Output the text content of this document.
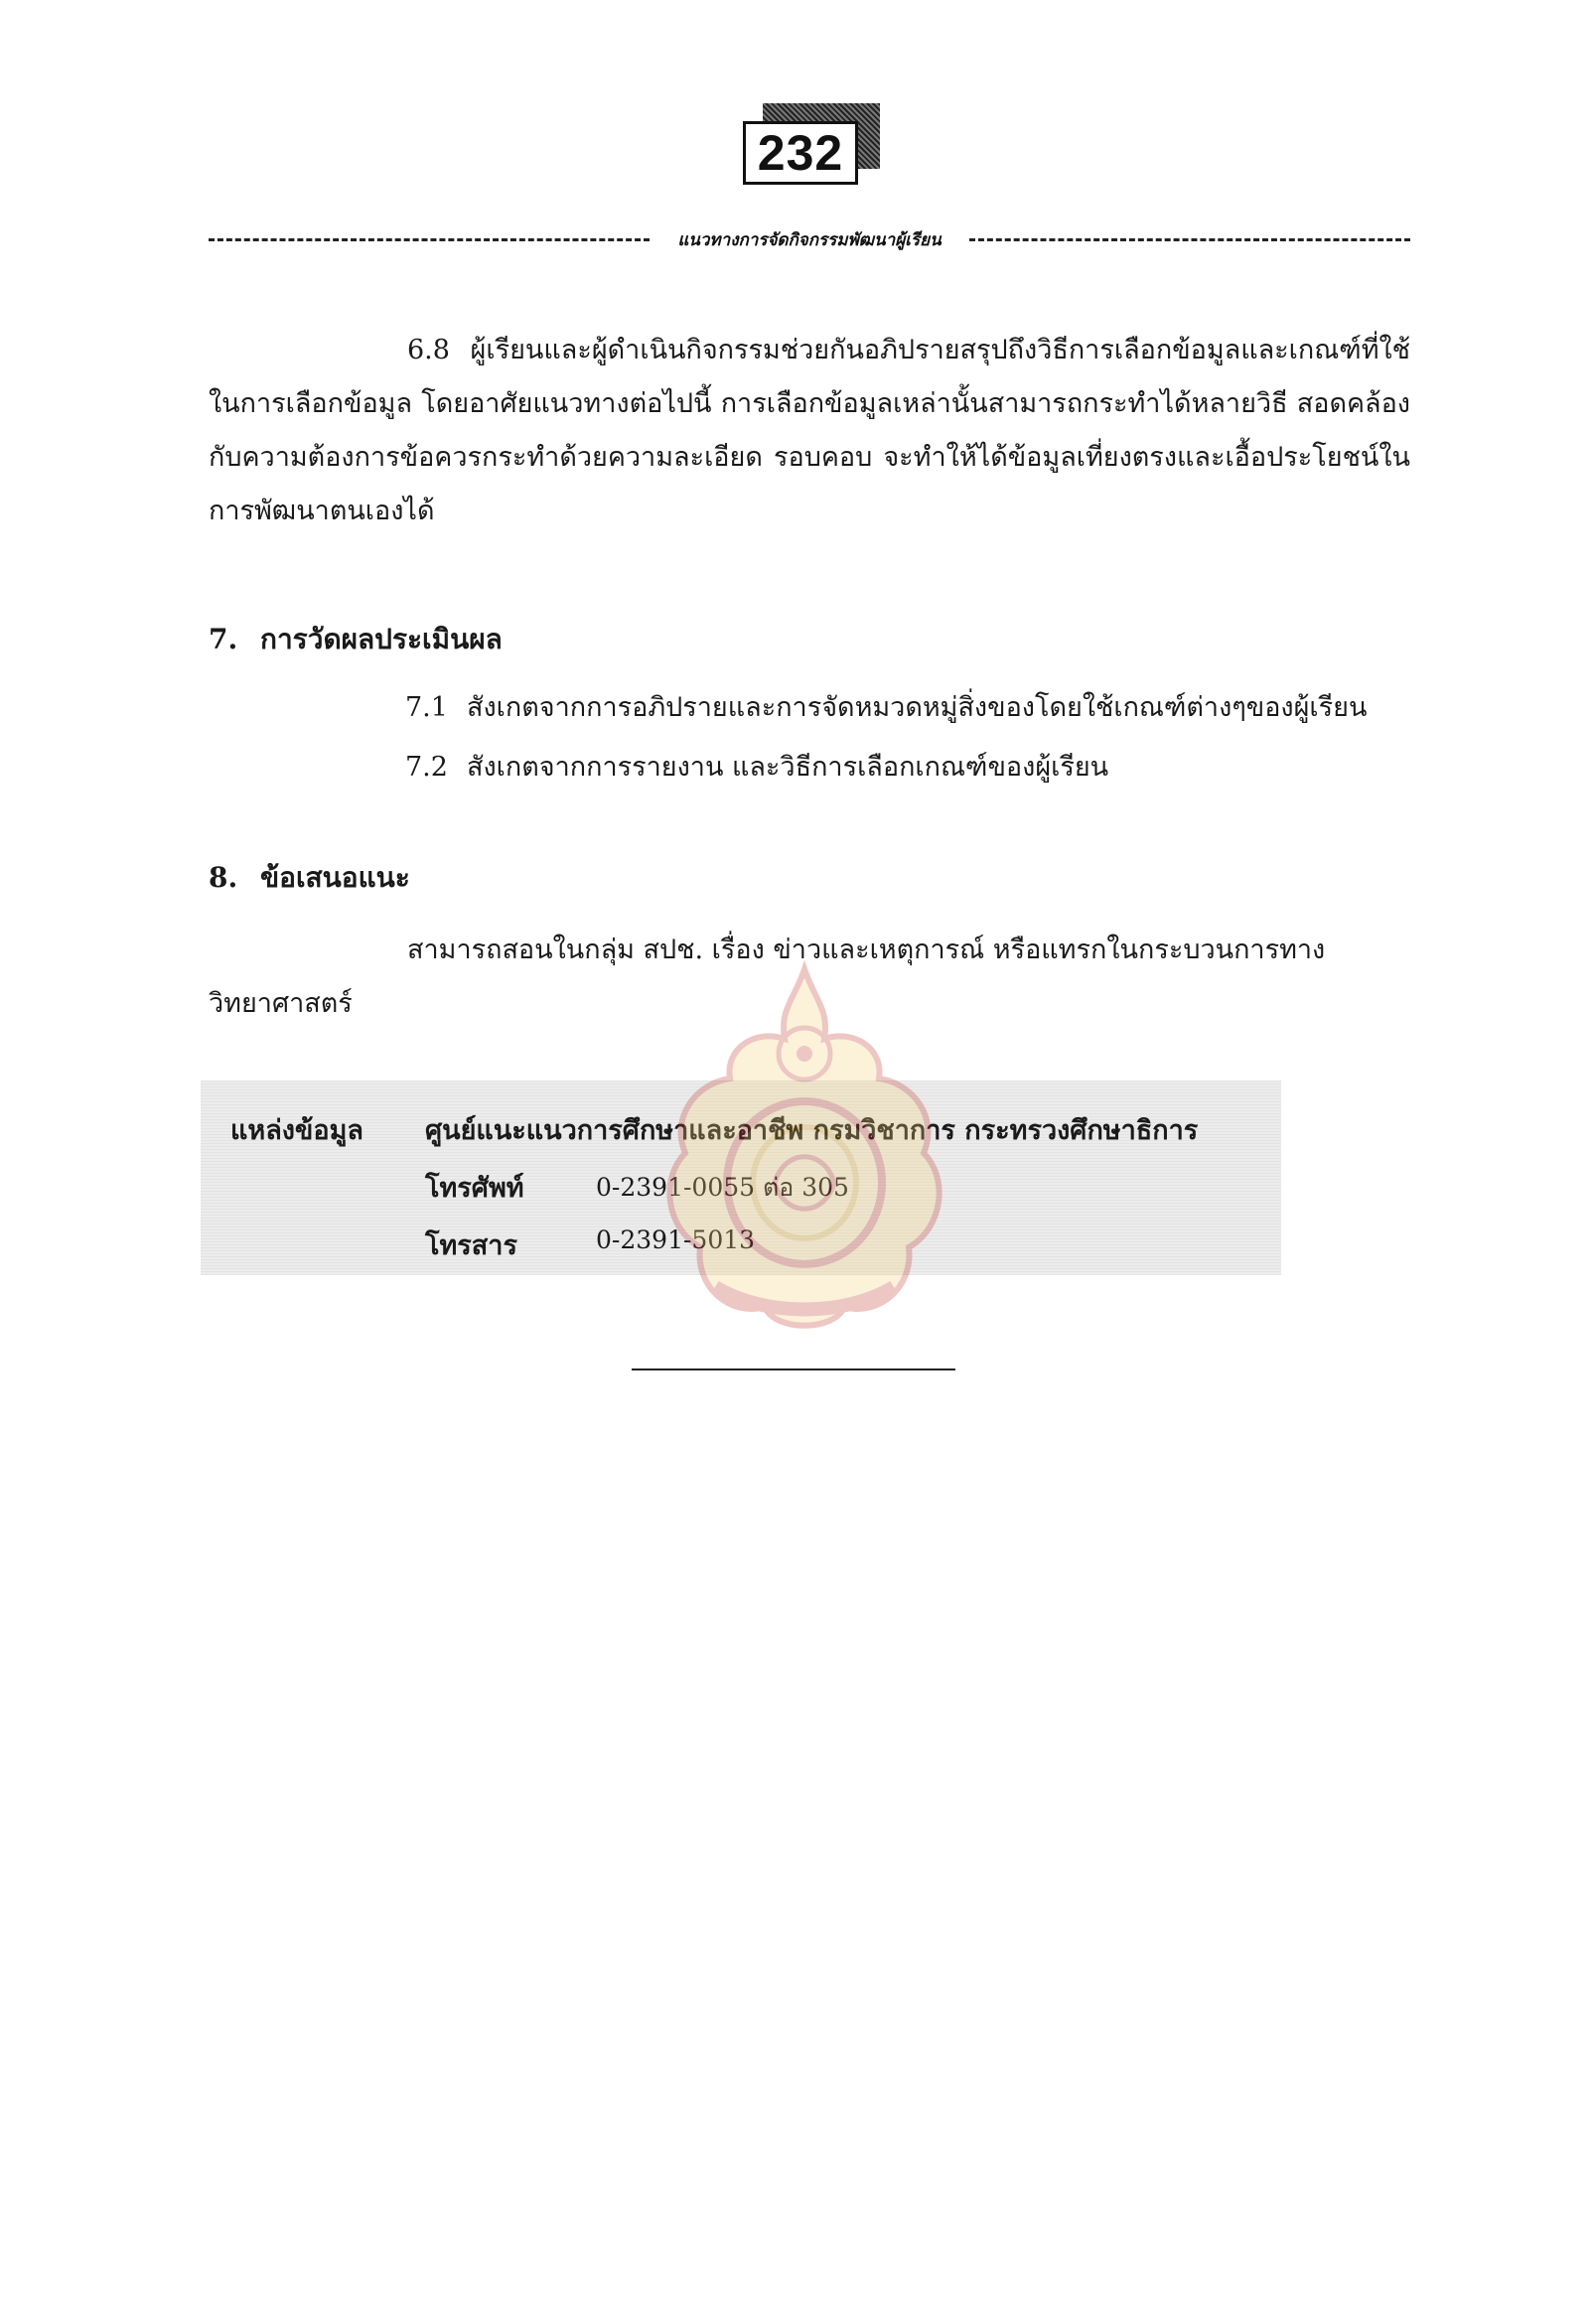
232
แนวทางการจัดกิจกรรมพัฒนาผู้เรียน
6.8 ผู้เรียนและผู้ดำเนินกิจกรรมช่วยกันอภิปรายสรุปถึงวิธีการเลือกข้อมูลและเกณฑ์ที่ใช้ในการเลือกข้อมูล โดยอาศัยแนวทางต่อไปนี้ การเลือกข้อมูลเหล่านั้นสามารถกระทำได้หลายวิธี สอดคล้องกับความต้องการข้อควรกระทำด้วยความละเอียด รอบคอบ จะทำให้ได้ข้อมูลเที่ยงตรงและเอื้อประโยชน์ในการพัฒนาตนเองได้
7. การวัดผลประเมินผล
7.1 สังเกตจากการอภิปรายและการจัดหมวดหมู่สิ่งของโดยใช้เกณฑ์ต่างๆของผู้เรียน
7.2 สังเกตจากการรายงาน และวิธีการเลือกเกณฑ์ของผู้เรียน
8. ข้อเสนอแนะ
สามารถสอนในกลุ่ม สปช. เรื่อง ข่าวและเหตุการณ์ หรือแทรกในกระบวนการทางวิทยาศาสตร์
แหล่งข้อมูล ศูนย์แนะแนวการศึกษาและอาชีพ กรมวิชาการ กระทรวงศึกษาธิการ
โทรศัพท์	0-2391-0055 ต่อ 305
โทรสาร	0-2391-5013
